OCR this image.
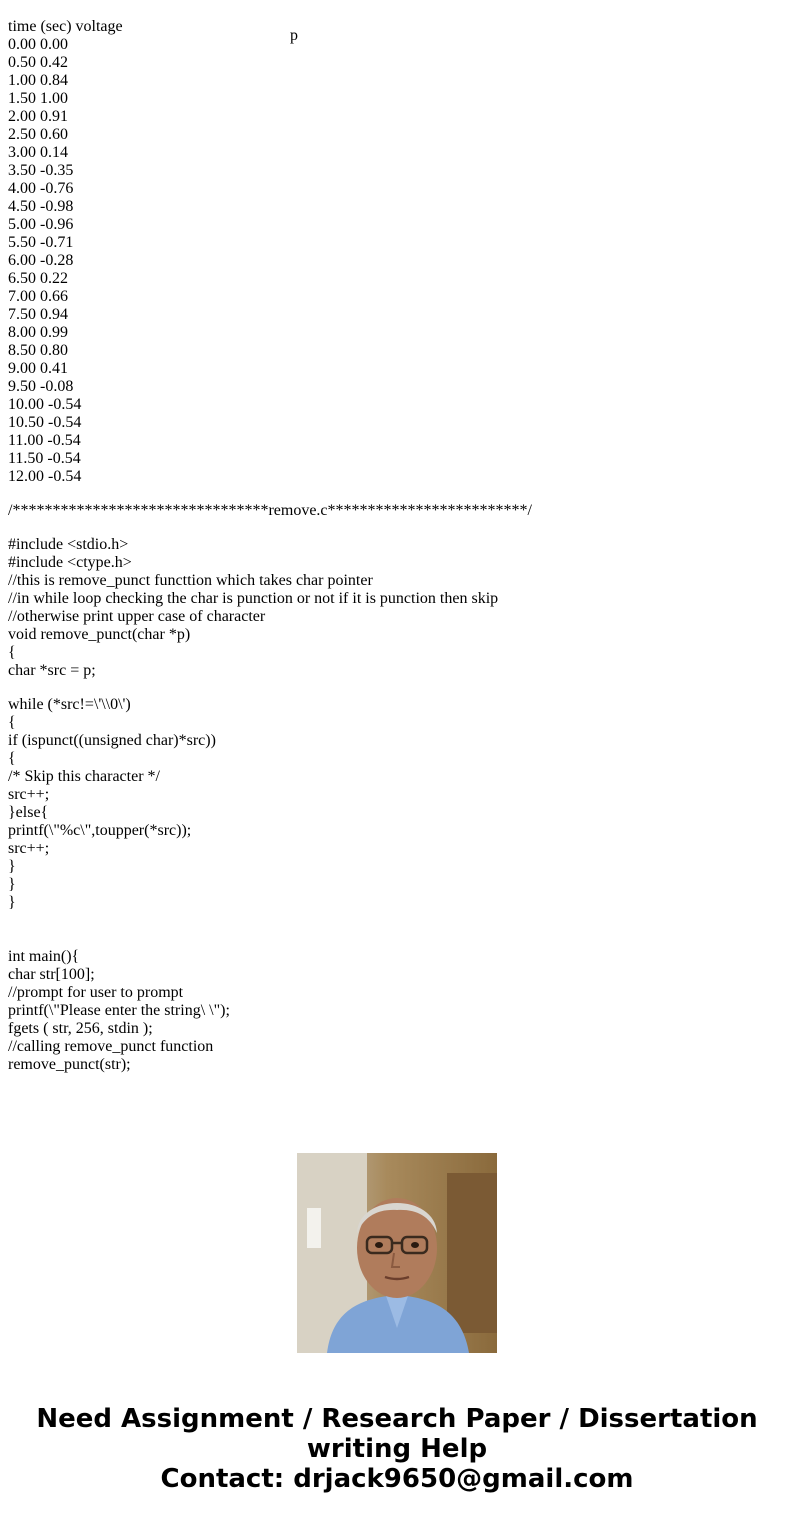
p

time (sec) voltage
0.00 0.00
0.50 0.42
1.00 0.84
1.50 1.00
2.00 0.91
2.50 0.60
3.00 0.14
3.50 -0.35
4.00 -0.76
4.50 -0.98
5.00 -0.96
5.50 -0.71
6.00 -0.28
6.50 0.22
7.00 0.66
7.50 0.94
8.00 0.99
8.50 0.80
9.00 0.41
9.50 -0.08
10.00 -0.54
10.50 -0.54
11.00 -0.54
11.50 -0.54
12.00 -0.54
/********************************remove.c*************************/
#include <stdio.h>
#include <ctype.h>
//this is remove_punct functtion which takes char pointer
//in while loop checking the char is punction or not if it is punction then skip
//otherwise print upper case of character
void remove_punct(char *p)
{
char *src = p;
while (*src!=\'\\0\')
{
if (ispunct((unsigned char)*src))
{
/* Skip this character */
src++;
}else{
printf(\"%c\",toupper(*src));
src++;
}
}
}
int main(){
char str[100];
//prompt for user to prompt
printf(\"Please enter the string\ \");
fgets ( str, 256, stdin );
//calling remove_punct function
remove_punct(str);
Need Assignment / Research Paper / Dissertation
writing Help
Contact: drjack9650@gmail.com
